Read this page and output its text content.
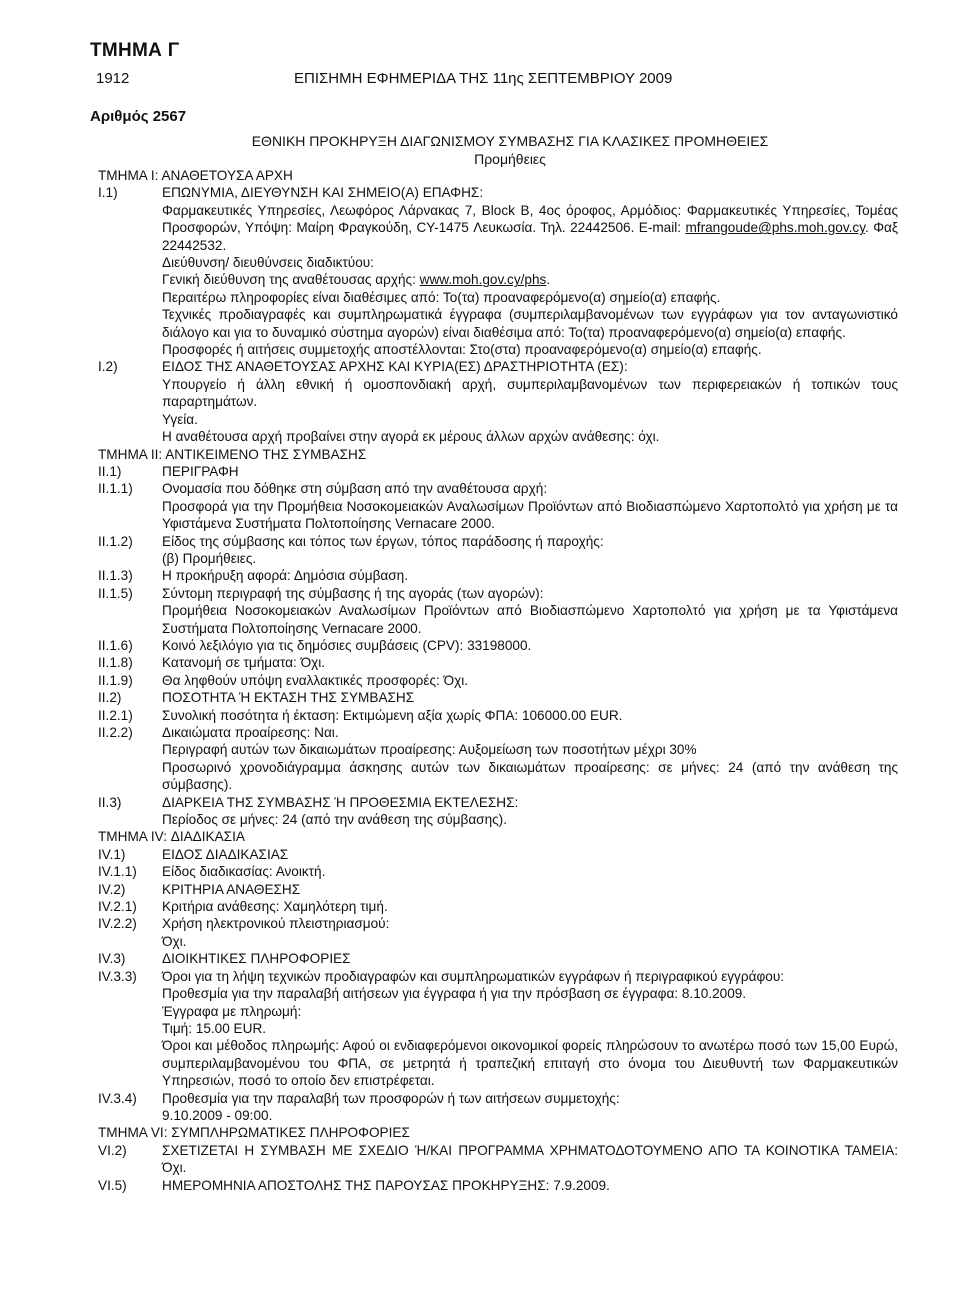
ΤΜΗΜΑ Γ
1912	ΕΠΙΣΗΜΗ ΕΦΗΜΕΡΙΔΑ ΤΗΣ 11ης ΣΕΠΤΕΜΒΡΙΟΥ 2009
Αριθμός 2567
ΕΘΝΙΚΗ ΠΡΟΚΗΡΥΞΗ ΔΙΑΓΩΝΙΣΜΟΥ ΣΥΜΒΑΣΗΣ ΓΙΑ ΚΛΑΣΙΚΕΣ ΠΡΟΜΗΘΕΙΕΣ
Προμήθειες
ΤΜΗΜΑ Ι: ΑΝΑΘΕΤΟΥΣΑ ΑΡΧΗ
Ι.1)	ΕΠΩΝΥΜΙΑ, ΔΙΕΥΘΥΝΣΗ ΚΑΙ ΣΗΜΕΙΟ(Α) ΕΠΑΦΗΣ:
Φαρμακευτικές Υπηρεσίες, Λεωφόρος Λάρνακας 7, Block B, 4ος όροφος, Αρμόδιος: Φαρμακευτικές Υπηρεσίες, Τομέας Προσφορών, Υπόψη: Μαίρη Φραγκούδη, CY-1475 Λευκωσία. Τηλ. 22442506. E-mail: mfrangoude@phs.moh.gov.cy. Φαξ 22442532.
Διεύθυνση/ διευθύνσεις διαδικτύου:
Γενική διεύθυνση της αναθέτουσας αρχής: www.moh.gov.cy/phs.
Περαιτέρω πληροφορίες είναι διαθέσιμες από: Το(τα) προαναφερόμενο(α) σημείο(α) επαφής.
Τεχνικές προδιαγραφές και συμπληρωματικά έγγραφα (συμπεριλαμβανομένων των εγγράφων για τον ανταγωνιστικό διάλογο και για το δυναμικό σύστημα αγορών) είναι διαθέσιμα από: Το(τα) προαναφερόμενο(α) σημείο(α) επαφής.
Προσφορές ή αιτήσεις συμμετοχής αποστέλλονται: Στο(στα) προαναφερόμενο(α) σημείο(α) επαφής.
Ι.2)	ΕΙΔΟΣ ΤΗΣ ΑΝΑΘΕΤΟΥΣΑΣ ΑΡΧΗΣ ΚΑΙ ΚΥΡΙΑ(ΕΣ) ΔΡΑΣΤΗΡΙΟΤΗΤΑ (ΕΣ):
Υπουργείο ή άλλη εθνική ή ομοσπονδιακή αρχή, συμπεριλαμβανομένων των περιφερειακών ή τοπικών τους παραρτημάτων.
Υγεία.
Η αναθέτουσα αρχή προβαίνει στην αγορά εκ μέρους άλλων αρχών ανάθεσης: όχι.
ΤΜΗΜΑ ΙΙ: ΑΝΤΙΚΕΙΜΕΝΟ ΤΗΣ ΣΥΜΒΑΣΗΣ
ΙΙ.1)	ΠΕΡΙΓΡΑΦΗ
ΙΙ.1.1)	Ονομασία που δόθηκε στη σύμβαση από την αναθέτουσα αρχή:
Προσφορά για την Προμήθεια Νοσοκομειακών Αναλωσίμων Προϊόντων από Βιοδιασπώμενο Χαρτοπολτό για χρήση με τα Υφιστάμενα Συστήματα Πολτοποίησης Vernacare 2000.
ΙΙ.1.2)	Είδος της σύμβασης και τόπος των έργων, τόπος παράδοσης ή παροχής:
(β) Προμήθειες.
ΙΙ.1.3)	Η προκήρυξη αφορά: Δημόσια σύμβαση.
ΙΙ.1.5)	Σύντομη περιγραφή της σύμβασης ή της αγοράς (των αγορών):
Προμήθεια Νοσοκομειακών Αναλωσίμων Προϊόντων από Βιοδιασπώμενο Χαρτοπολτό για χρήση με τα Υφιστάμενα Συστήματα Πολτοποίησης Vernacare 2000.
ΙΙ.1.6)	Κοινό λεξιλόγιο για τις δημόσιες συμβάσεις (CPV): 33198000.
ΙΙ.1.8)	Κατανομή σε τμήματα: Όχι.
ΙΙ.1.9)	Θα ληφθούν υπόψη εναλλακτικές προσφορές: Όχι.
ΙΙ.2)	ΠΟΣΟΤΗΤΑ Ή ΕΚΤΑΣΗ ΤΗΣ ΣΥΜΒΑΣΗΣ
ΙΙ.2.1)	Συνολική ποσότητα ή έκταση: Εκτιμώμενη αξία χωρίς ΦΠΑ: 106000.00 EUR.
ΙΙ.2.2)	Δικαιώματα προαίρεσης: Ναι.
Περιγραφή αυτών των δικαιωμάτων προαίρεσης: Αυξομείωση των ποσοτήτων μέχρι 30%
Προσωρινό χρονοδιάγραμμα άσκησης αυτών των δικαιωμάτων προαίρεσης: σε μήνες: 24 (από την ανάθεση της σύμβασης).
ΙΙ.3)	ΔΙΑΡΚΕΙΑ ΤΗΣ ΣΥΜΒΑΣΗΣ Ή ΠΡΟΘΕΣΜΙΑ ΕΚΤΕΛΕΣΗΣ:
Περίοδος σε μήνες: 24 (από την ανάθεση της σύμβασης).
ΤΜΗΜΑ IV: ΔΙΑΔΙΚΑΣΙΑ
IV.1)	ΕΙΔΟΣ ΔΙΑΔΙΚΑΣΙΑΣ
IV.1.1)	Είδος διαδικασίας: Ανοικτή.
IV.2)	ΚΡΙΤΗΡΙΑ ΑΝΑΘΕΣΗΣ
IV.2.1)	Κριτήρια ανάθεσης: Χαμηλότερη τιμή.
IV.2.2)	Χρήση ηλεκτρονικού πλειστηριασμού:
Όχι.
IV.3)	ΔΙΟΙΚΗΤΙΚΕΣ ΠΛΗΡΟΦΟΡΙΕΣ
IV.3.3)	Όροι για τη λήψη τεχνικών προδιαγραφών και συμπληρωματικών εγγράφων ή περιγραφικού εγγράφου:
Προθεσμία για την παραλαβή αιτήσεων για έγγραφα ή για την πρόσβαση σε έγγραφα: 8.10.2009.
Έγγραφα με πληρωμή:
Τιμή: 15.00 EUR.
Όροι και μέθοδος πληρωμής: Αφού οι ενδιαφερόμενοι οικονομικοί φορείς πληρώσουν το ανωτέρω ποσό των 15,00 Ευρώ, συμπεριλαμβανομένου του ΦΠΑ, σε μετρητά ή τραπεζική επιταγή στο όνομα του Διευθυντή των Φαρμακευτικών Υπηρεσιών, ποσό το οποίο δεν επιστρέφεται.
IV.3.4)	Προθεσμία για την παραλαβή των προσφορών ή των αιτήσεων συμμετοχής:
9.10.2009 - 09:00.
ΤΜΗΜΑ VI: ΣΥΜΠΛΗΡΩΜΑΤΙΚΕΣ ΠΛΗΡΟΦΟΡΙΕΣ
VI.2)	ΣΧΕΤΙΖΕΤΑΙ Η ΣΥΜΒΑΣΗ ΜΕ ΣΧΕΔΙΟ Ή/ΚΑΙ ΠΡΟΓΡΑΜΜΑ ΧΡΗΜΑΤΟΔΟΤΟΥΜΕΝΟ ΑΠΟ ΤΑ ΚΟΙΝΟΤΙΚΑ ΤΑΜΕΙΑ: Όχι.
VI.5)	ΗΜΕΡΟΜΗΝΙΑ ΑΠΟΣΤΟΛΗΣ ΤΗΣ ΠΑΡΟΥΣΑΣ ΠΡΟΚΗΡΥΞΗΣ: 7.9.2009.
